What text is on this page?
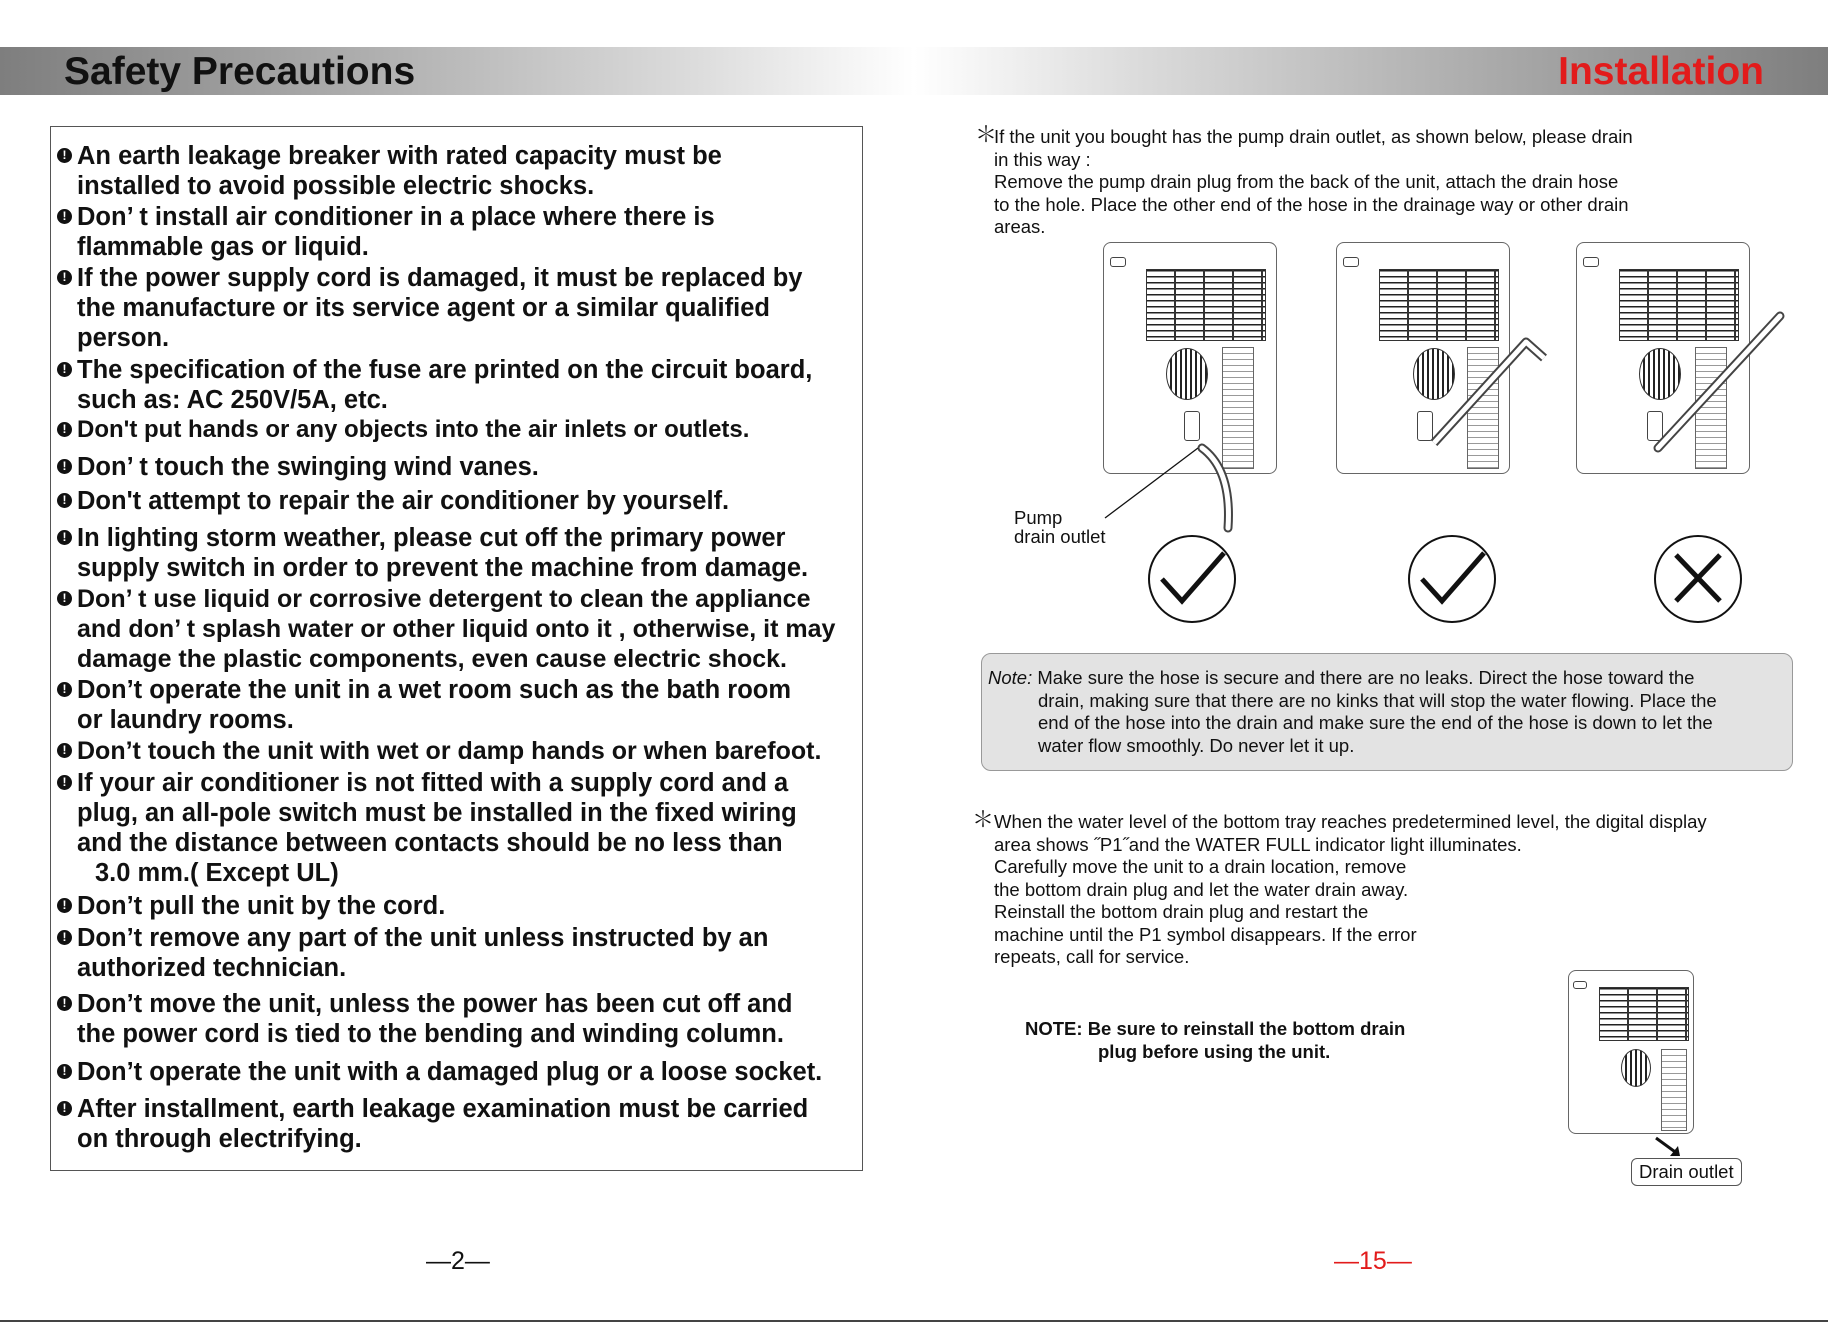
Safety Precautions	Installation
! An earth leakage breaker with rated capacity must be
installed to avoid possible electric shocks.
! Don’ t install air conditioner in a place where there is
flammable gas or liquid.
! If the power supply cord is damaged, it must be replaced by
the manufacture or its service agent or a similar qualified
person.
! The specification of the fuse are printed on the circuit board,
such as: AC 250V/5A, etc.
! Don't put hands or any objects into the air inlets or outlets.
! Don’ t touch the swinging wind vanes.
! Don't attempt to repair the air conditioner by yourself.
! In lighting storm weather, please cut off the primary power
supply switch in order to prevent the machine from damage.
! Don’ t use liquid or corrosive detergent to clean the appliance
and don’ t splash water or other liquid onto it , otherwise, it may
damage the plastic components, even cause electric shock.
! Don’t operate the unit in a wet room such as the bath room
or laundry rooms.
! Don’t touch the unit with wet or damp hands or when barefoot.
! If your air conditioner is not fitted with a supply cord and a
plug, an all-pole switch must be installed in the fixed wiring
and the distance between contacts should be no less than
3.0 mm.( Except UL)
! Don’t pull the unit by the cord.
! Don’t remove any part of the unit unless instructed by an
authorized technician.
! Don’t move the unit, unless the power has been cut off and
the power cord is tied to the bending and winding column.
! Don’t operate the unit with a damaged plug or a loose socket.
! After installment, earth leakage examination must be carried
on through electrifying.
＊
If the unit you bought has the pump drain outlet, as shown below, please drain
in this way :
Remove the pump drain plug from the back of the unit, attach the drain hose
to the hole. Place the other end of the hose in the drainage way or other drain
areas.
Pump
drain outlet
Note: Make sure the hose is secure and there are no leaks. Direct the hose toward the
drain, making sure that there are no kinks that will stop the water flowing. Place the
end of the hose into the drain and make sure the end of the hose is down to let the
water flow smoothly. Do never let it up.
＊ When the water level of the bottom tray reaches predetermined level, the digital display
area shows ˝P1˝and the WATER FULL indicator light illuminates.
Carefully move the unit to a drain location, remove
the bottom drain plug and let the water drain away.
Reinstall the bottom drain plug and restart the
machine until the P1 symbol disappears. If the error
repeats, call for service.
NOTE: Be sure to reinstall the bottom drain
plug before using the unit.
Drain outlet
—2—	—15—
